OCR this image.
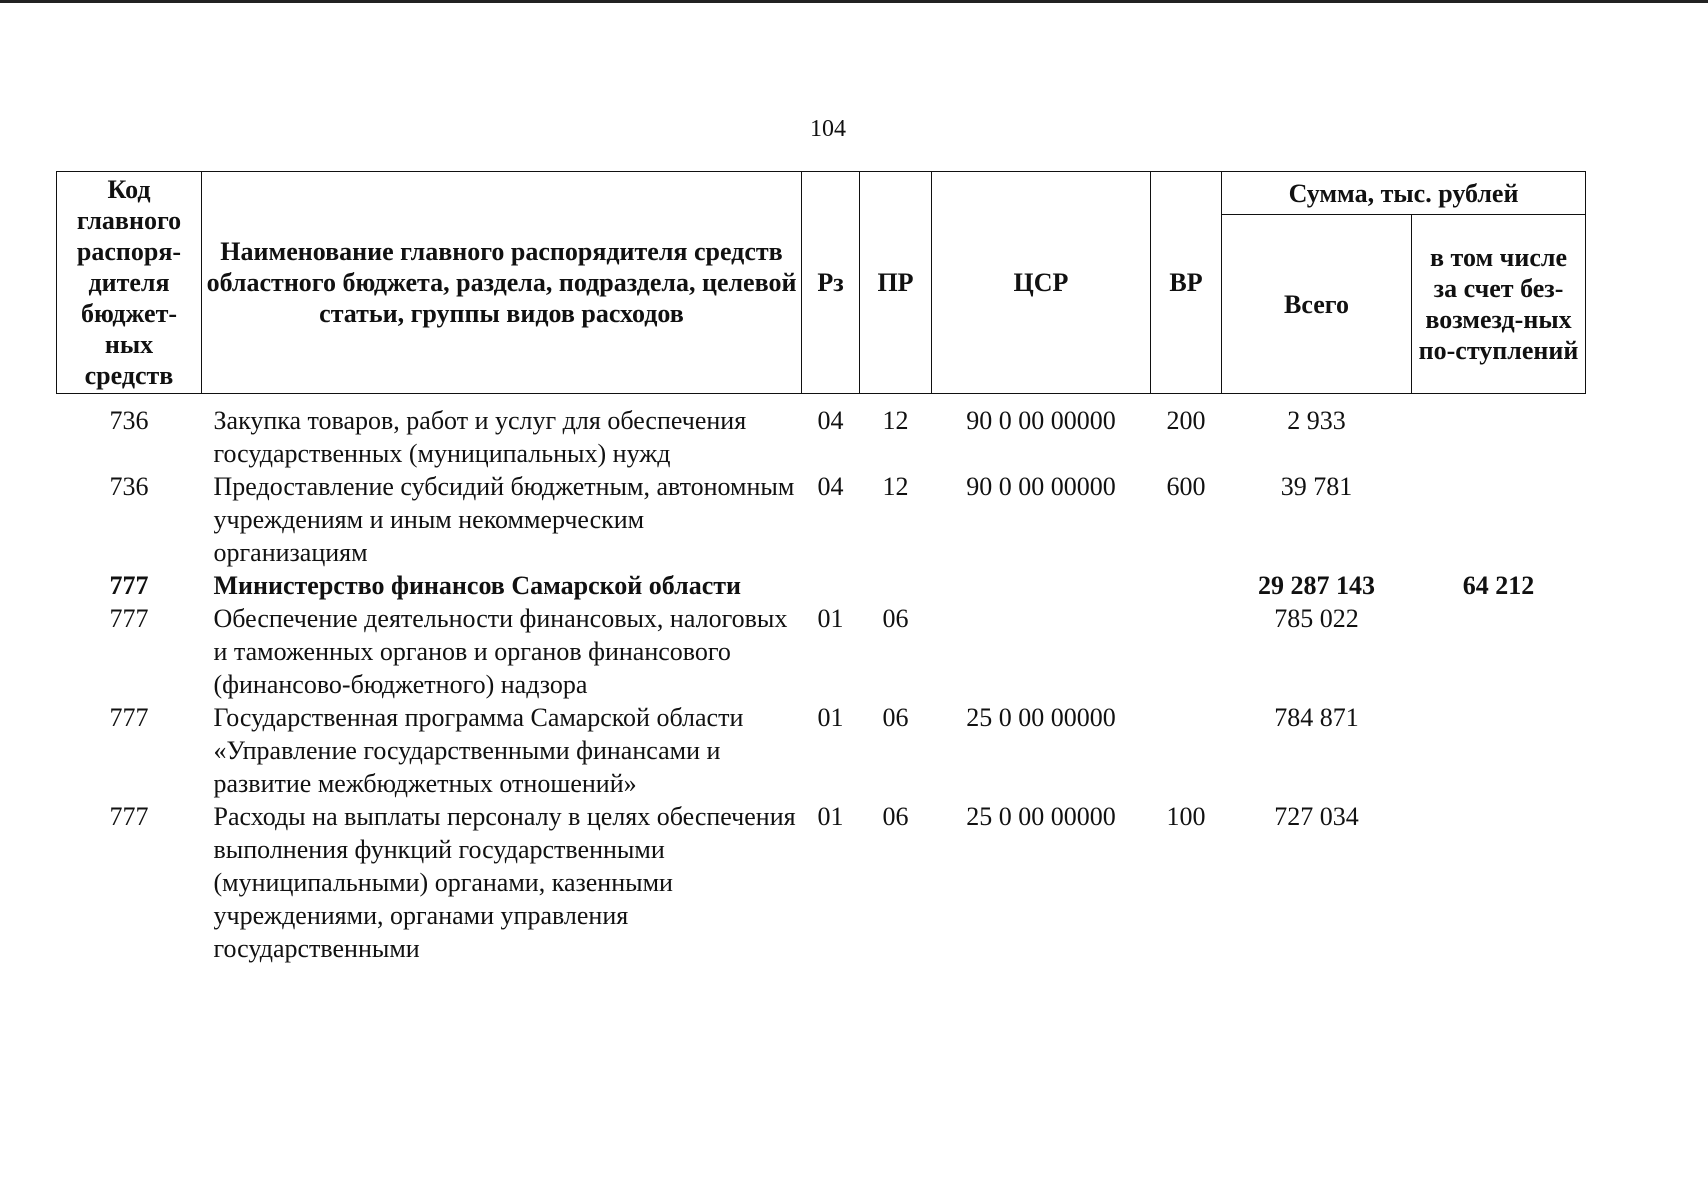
104
Код главного распоря-дителя бюджет-ных средств	Наименование главного распорядителя средств областного бюджета, раздела, подраздела, целевой статьи, группы видов расходов	Рз	ПР	ЦСР	ВР	Сумма, тыс. рублей	
						Всего	в том числе за счет без-возмезд-ных по-ступлений

736	Закупка товаров, работ и услуг для обеспечения государственных (муниципальных) нужд	04	12	90 0 00 00000	200	2 933	
736	Предоставление субсидий бюджетным, автономным учреждениям и иным некоммерческим организациям	04	12	90 0 00 00000	600	39 781	
777	Министерство финансов Самарской области					29 287 143	64 212
777	Обеспечение деятельности финансовых, налоговых и таможенных органов и органов финансового (финансово-бюджетного) надзора	01	06			785 022	
777	Государственная программа Самарской области «Управление государственными финансами и развитие межбюджетных отношений»	01	06	25 0 00 00000		784 871	
777	Расходы на выплаты персоналу в целях обеспечения выполнения функций государственными (муниципальными) органами, казенными учреждениями, органами управления государственными	01	06	25 0 00 00000	100	727 034	
